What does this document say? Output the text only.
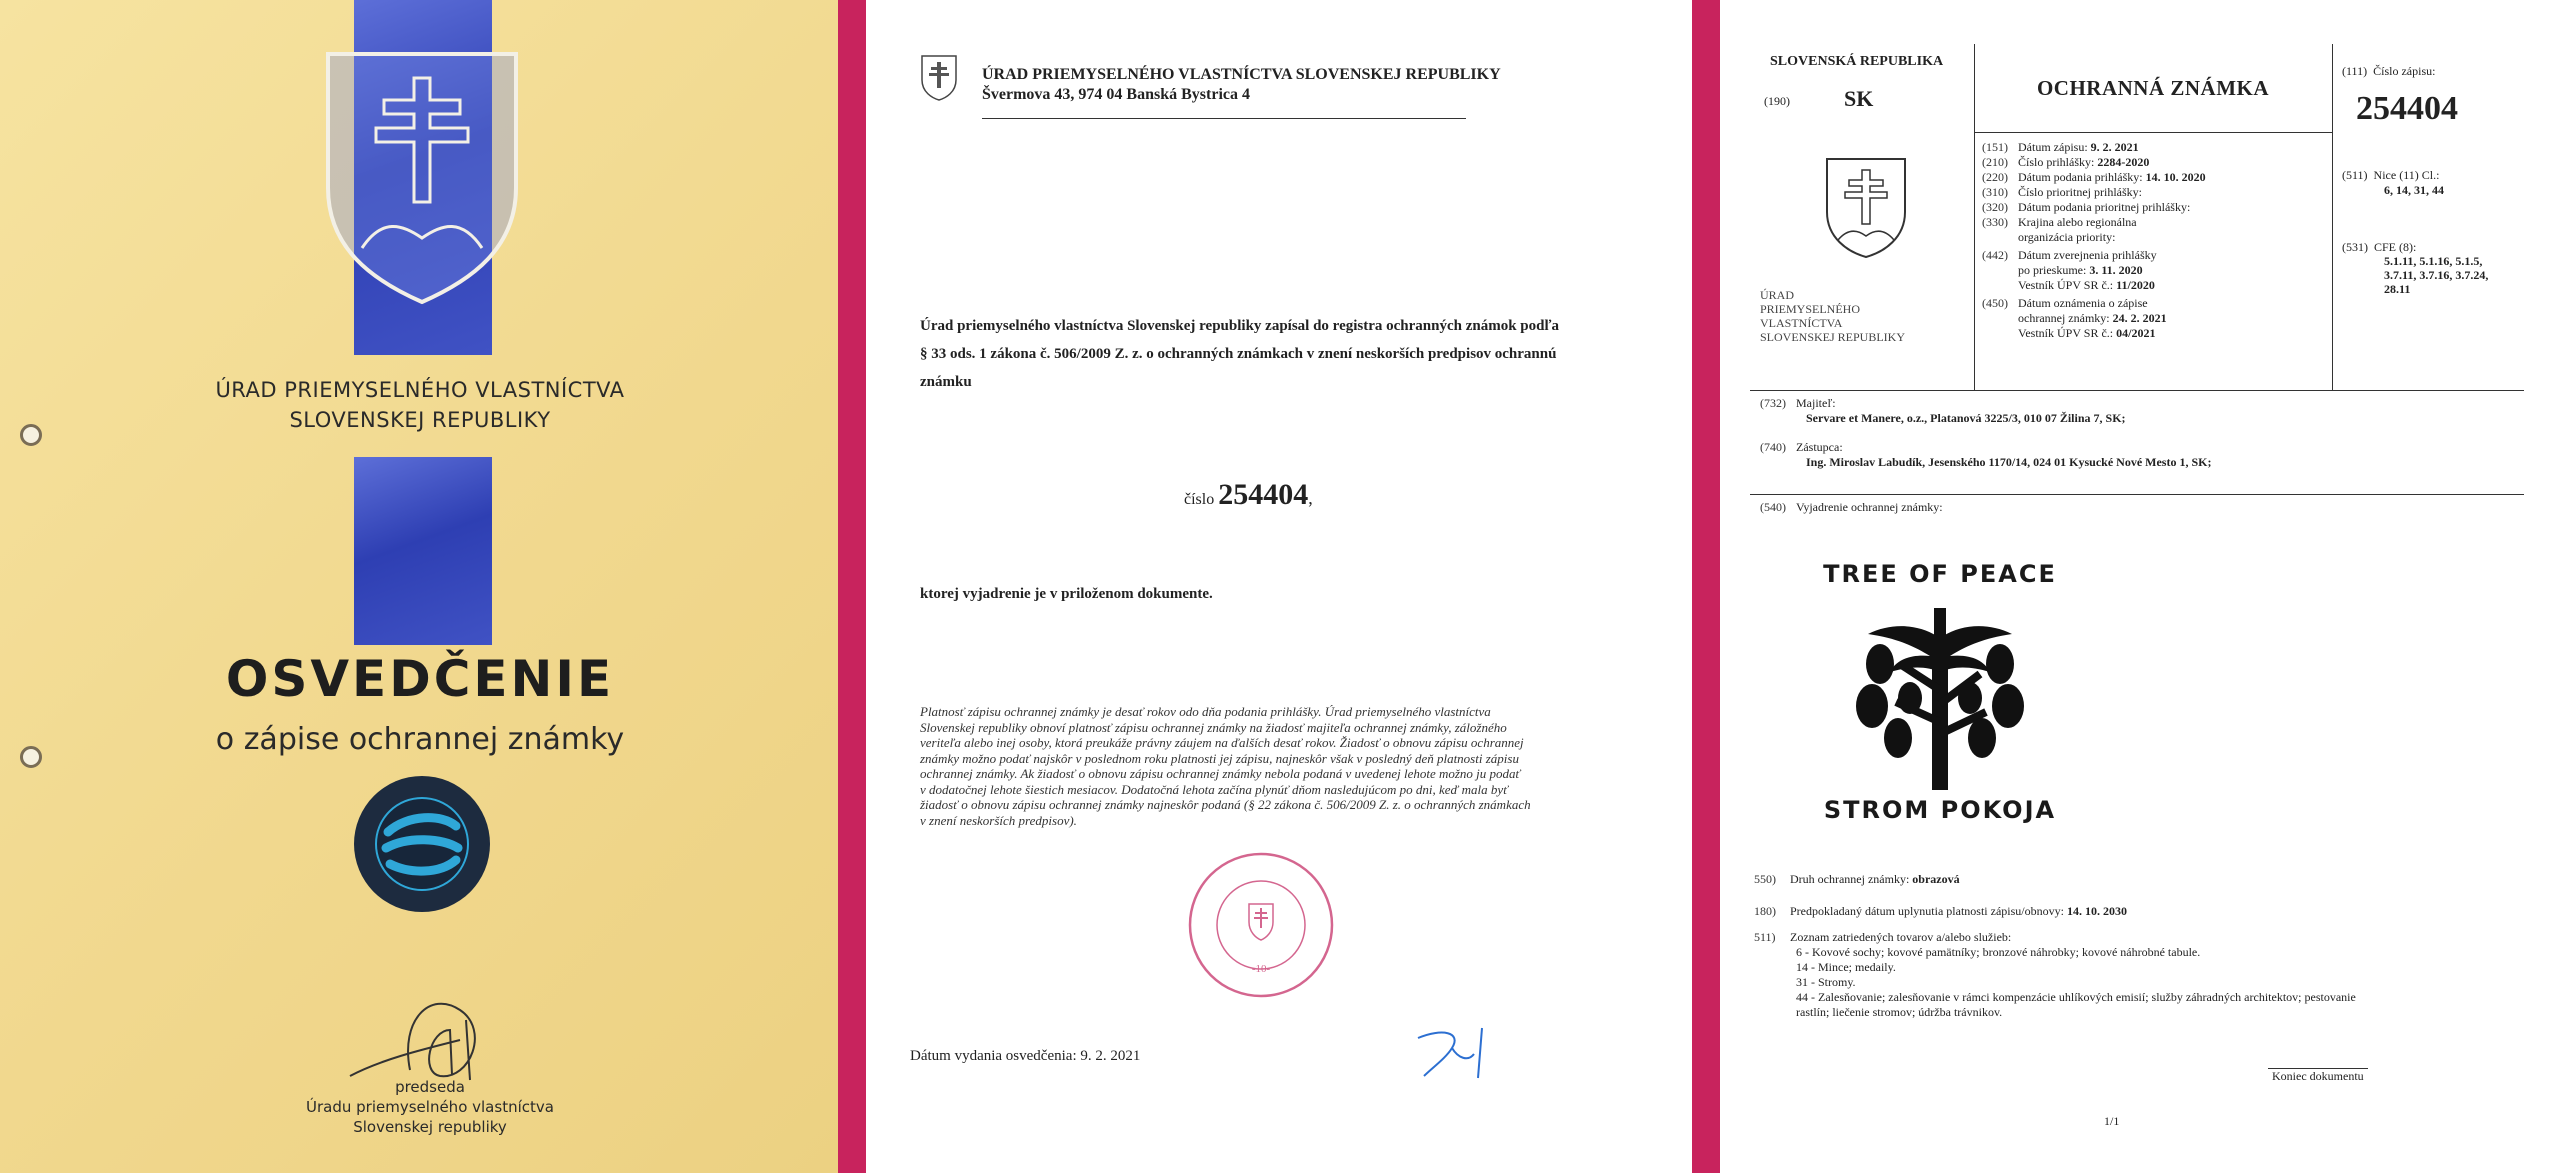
ÚRAD PRIEMYSELNÉHO VLASTNÍCTVA
SLOVENSKEJ REPUBLIKY
OSVEDČENIE
o zápise ochrannej známky
predseda
Úradu priemyselného vlastníctva
Slovenskej republiky
ÚRAD PRIEMYSELNÉHO VLASTNÍCTVA SLOVENSKEJ REPUBLIKY
Švermova 43, 974 04 Banská Bystrica 4
Úrad priemyselného vlastníctva Slovenskej republiky zapísal do registra ochranných známok podľa
§ 33 ods. 1 zákona č. 506/2009 Z. z. o ochranných známkach v znení neskorších predpisov ochrannú
známku
číslo 254404,
ktorej vyjadrenie je v priloženom dokumente.
Platnosť zápisu ochrannej známky je desať rokov odo dňa podania prihlášky. Úrad priemyselného vlastníctva
Slovenskej republiky obnoví platnosť zápisu ochrannej známky na žiadosť majiteľa ochrannej známky, záložného
veriteľa alebo inej osoby, ktorá preukáže právny záujem na ďalších desať rokov. Žiadosť o obnovu zápisu ochrannej
známky možno podať najskôr v poslednom roku platnosti jej zápisu, najneskôr však v posledný deň platnosti zápisu
ochrannej známky. Ak žiadosť o obnovu zápisu ochrannej známky nebola podaná v uvedenej lehote možno ju podať
v dodatočnej lehote šiestich mesiacov. Dodatočná lehota začína plynúť dňom nasledujúcom po dni, keď mala byť
žiadosť o obnovu zápisu ochrannej známky najneskôr podaná (§ 22 zákona č. 506/2009 Z. z. o ochranných známkach
v znení neskorších predpisov).
-10-
Dátum vydania osvedčenia: 9. 2. 2021
SLOVENSKÁ REPUBLIKA
(190) SK
ÚRAD
PRIEMYSELNÉHO
VLASTNÍCTVA
SLOVENSKEJ REPUBLIKY
OCHRANNÁ ZNÁMKA
(151) Dátum zápisu:
9. 2. 2021
(210) Číslo prihlášky:
2284-2020
(220) Dátum podania prihlášky:
14. 10. 2020
(310) Číslo prioritnej prihlášky:

(320) Dátum podania prioritnej prihlášky:

(330) Krajina alebo regionálna

organizácia priority:

(442) Dátum zverejnenia prihlášky

po prieskume:
3. 11. 2020
Vestník ÚPV SR č.:
11/2020
(450) Dátum oznámenia o zápise

ochrannej známky:
24. 2. 2021
Vestník ÚPV SR č.:
04/2021
(111) Číslo zápisu:
254404
(511) Nice (11) Cl.:
6, 14, 31, 44
(531) CFE (8):
5.1.11, 5.1.16, 5.1.5,
3.7.11, 3.7.16, 3.7.24,
28.11
(732) Majiteľ:
Servare et Manere, o.z., Platanová 3225/3, 010 07 Žilina 7, SK;
(740) Zástupca:
Ing. Miroslav Labudík, Jesenského 1170/14, 024 01 Kysucké Nové Mesto 1, SK;
(540) Vyjadrenie ochrannej známky:
TREE OF PEACE
STROM POKOJA
550)	Druh ochrannej známky:
obrazová
180)	Predpokladaný dátum uplynutia platnosti zápisu/obnovy:
14. 10. 2030
511)	Zoznam zatriedených tovarov a/alebo služieb:
6 - Kovové sochy; kovové pamätníky; bronzové náhrobky; kovové náhrobné tabule.
14 - Mince; medaily.
31 - Stromy.
44 - Zalesňovanie; zalesňovanie v rámci kompenzácie uhlíkových emisií; služby záhradných architektov; pestovanie
rastlín; liečenie stromov; údržba trávnikov.
Koniec dokumentu
1/1
